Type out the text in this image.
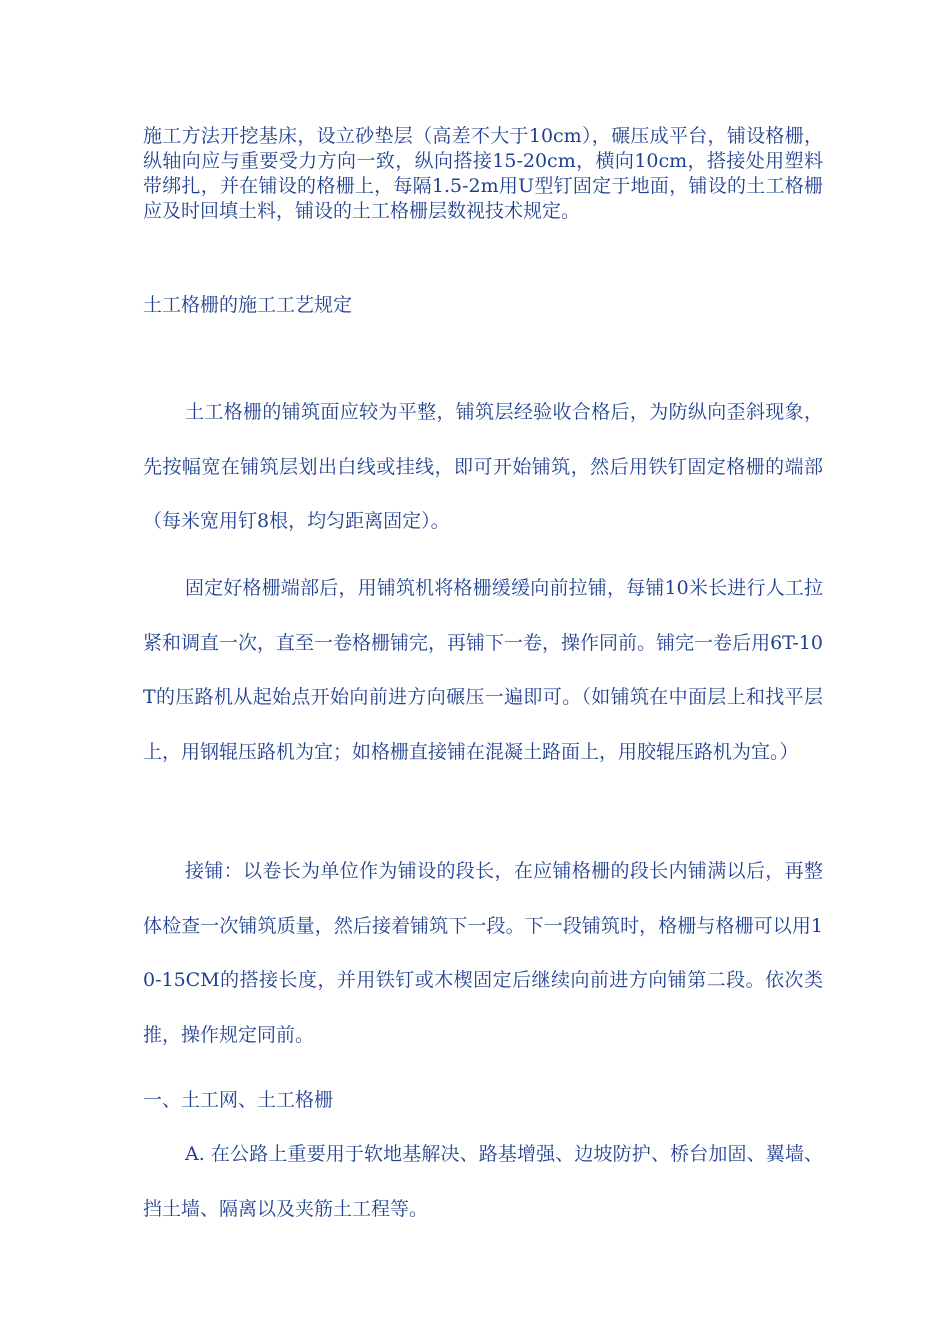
施工方法开挖基床，设立砂垫层（高差不大于10cm），碾压成平台，铺设格栅，纵轴向应与重要受力方向一致，纵向搭接15-20cm，横向10cm，搭接处用塑料带绑扎，并在铺设的格栅上，每隔1.5-2m用U型钉固定于地面，铺设的土工格栅应及时回填土料，铺设的土工格栅层数视技术规定。

土工格栅的施工工艺规定

土工格栅的铺筑面应较为平整，铺筑层经验收合格后，为防纵向歪斜现象，先按幅宽在铺筑层划出白线或挂线，即可开始铺筑，然后用铁钉固定格栅的端部（每米宽用钉8根，均匀距离固定）。

固定好格栅端部后，用铺筑机将格栅缓缓向前拉铺，每铺10米长进行人工拉紧和调直一次，直至一卷格栅铺完，再铺下一卷，操作同前。铺完一卷后用6T-10T的压路机从起始点开始向前进方向碾压一遍即可。（如铺筑在中面层上和找平层上，用钢辊压路机为宜；如格栅直接铺在混凝土路面上，用胶辊压路机为宜。）

接铺：以卷长为单位作为铺设的段长，在应铺格栅的段长内铺满以后，再整体检查一次铺筑质量，然后接着铺筑下一段。下一段铺筑时，格栅与格栅可以用10-15CM的搭接长度，并用铁钉或木楔固定后继续向前进方向铺第二段。依次类推，操作规定同前。

一、土工网、土工格栅

A. 在公路上重要用于软地基解决、路基增强、边坡防护、桥台加固、翼墙、挡土墙、隔离以及夹筋土工程等。
